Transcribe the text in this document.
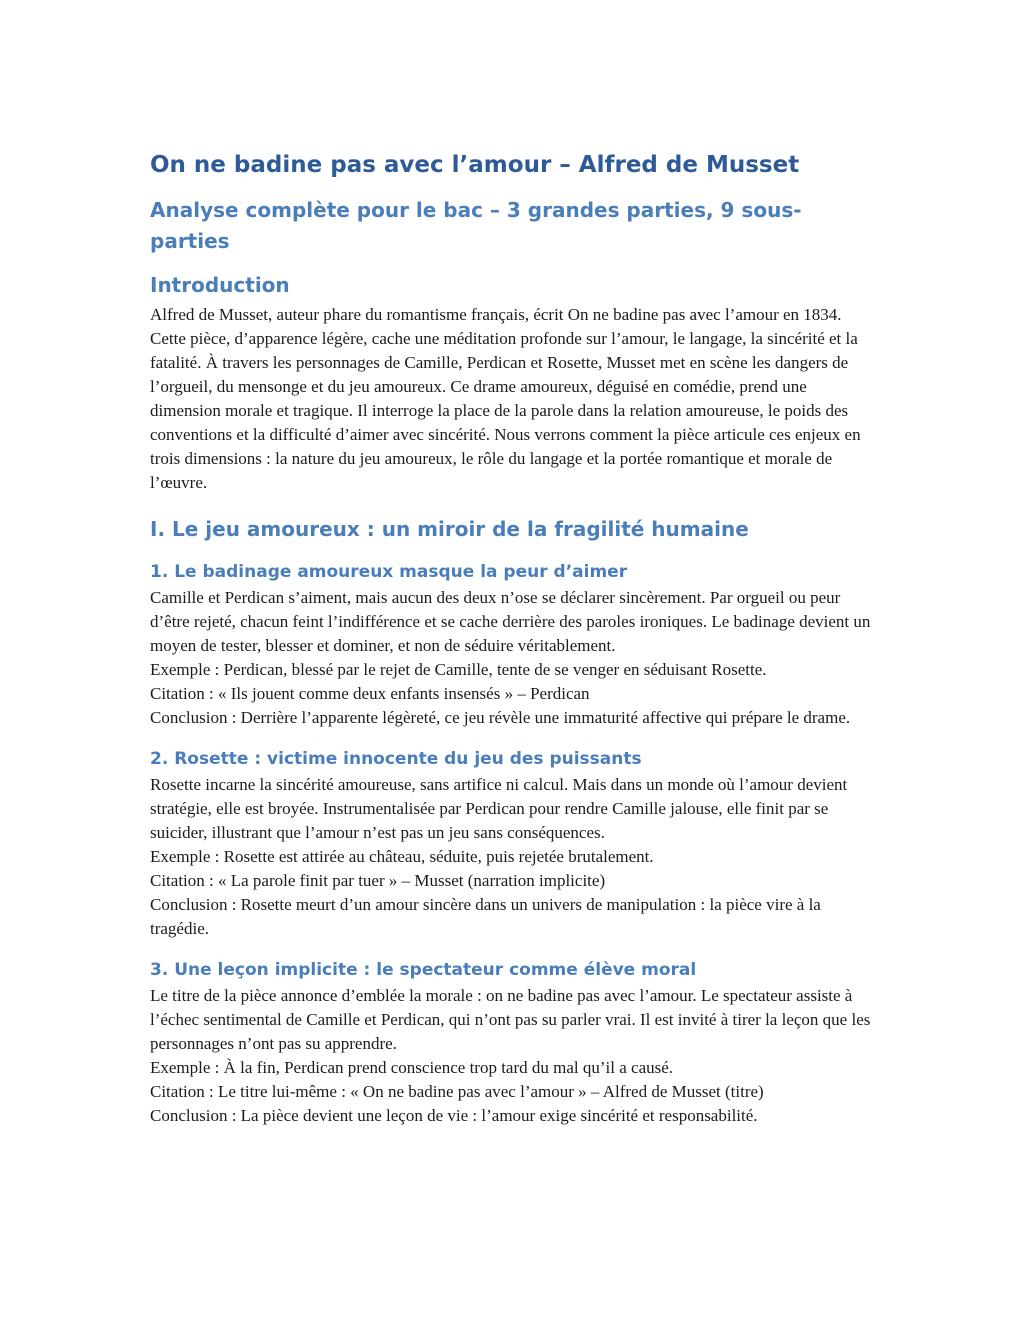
On ne badine pas avec l’amour – Alfred de Musset
Analyse complète pour le bac – 3 grandes parties, 9 sous-parties
Introduction

Alfred de Musset, auteur phare du romantisme français, écrit On ne badine pas avec l’amour en 1834. Cette pièce, d’apparence légère, cache une méditation profonde sur l’amour, le langage, la sincérité et la fatalité. À travers les personnages de Camille, Perdican et Rosette, Musset met en scène les dangers de l’orgueil, du mensonge et du jeu amoureux. Ce drame amoureux, déguisé en comédie, prend une dimension morale et tragique. Il interroge la place de la parole dans la relation amoureuse, le poids des conventions et la difficulté d’aimer avec sincérité. Nous verrons comment la pièce articule ces enjeux en trois dimensions : la nature du jeu amoureux, le rôle du langage et la portée romantique et morale de l’œuvre.

I. Le jeu amoureux : un miroir de la fragilité humaine
1. Le badinage amoureux masque la peur d’aimer
Camille et Perdican s’aiment, mais aucun des deux n’ose se déclarer sincèrement. Par orgueil ou peur d’être rejeté, chacun feint l’indifférence et se cache derrière des paroles ironiques. Le badinage devient un moyen de tester, blesser et dominer, et non de séduire véritablement.
Exemple : Perdican, blessé par le rejet de Camille, tente de se venger en séduisant Rosette.
Citation : « Ils jouent comme deux enfants insensés » – Perdican
Conclusion : Derrière l’apparente légèreté, ce jeu révèle une immaturité affective qui prépare le drame.
2. Rosette : victime innocente du jeu des puissants
Rosette incarne la sincérité amoureuse, sans artifice ni calcul. Mais dans un monde où l’amour devient stratégie, elle est broyée. Instrumentalisée par Perdican pour rendre Camille jalouse, elle finit par se suicider, illustrant que l’amour n’est pas un jeu sans conséquences.
Exemple : Rosette est attirée au château, séduite, puis rejetée brutalement.
Citation : « La parole finit par tuer » – Musset (narration implicite)
Conclusion : Rosette meurt d’un amour sincère dans un univers de manipulation : la pièce vire à la tragédie.
3. Une leçon implicite : le spectateur comme élève moral
Le titre de la pièce annonce d’emblée la morale : on ne badine pas avec l’amour. Le spectateur assiste à l’échec sentimental de Camille et Perdican, qui n’ont pas su parler vrai. Il est invité à tirer la leçon que les personnages n’ont pas su apprendre.
Exemple : À la fin, Perdican prend conscience trop tard du mal qu’il a causé.
Citation : Le titre lui-même : « On ne badine pas avec l’amour » – Alfred de Musset (titre)
Conclusion : La pièce devient une leçon de vie : l’amour exige sincérité et responsabilité.
